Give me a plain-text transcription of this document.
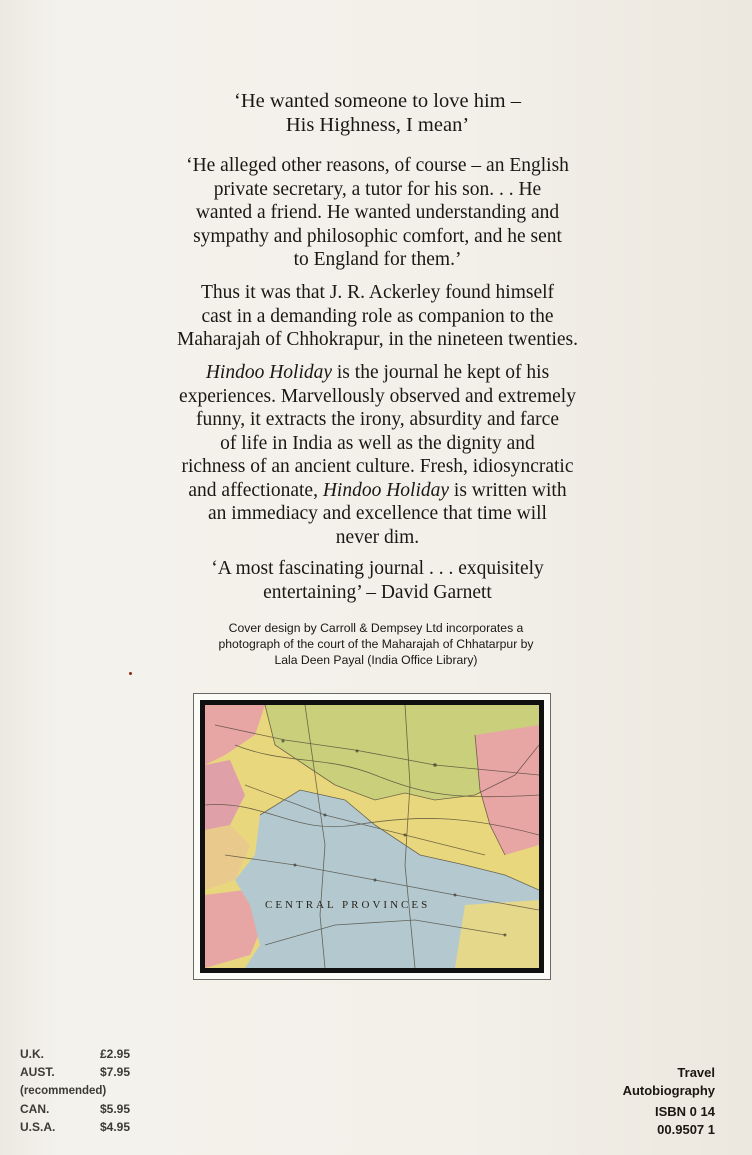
‘He wanted someone to love him –
His Highness, I mean’
‘He alleged other reasons, of course – an English
private secretary, a tutor for his son. . . He
wanted a friend. He wanted understanding and
sympathy and philosophic comfort, and he sent
to England for them.’
Thus it was that J. R. Ackerley found himself
cast in a demanding role as companion to the
Maharajah of Chhokrapur, in the nineteen twenties.
Hindoo Holiday is the journal he kept of his
experiences. Marvellously observed and extremely
funny, it extracts the irony, absurdity and farce
of life in India as well as the dignity and
richness of an ancient culture. Fresh, idiosyncratic
and affectionate, Hindoo Holiday is written with
an immediacy and excellence that time will
never dim.
‘A most fascinating journal . . . exquisitely
entertaining’ – David Garnett
Cover design by Carroll & Dempsey Ltd incorporates a
photograph of the court of the Maharajah of Chhatarpur by
Lala Deen Payal (India Office Library)
CENTRAL PROVINCES
U.K.	£2.95
AUST.	$7.95
(recommended)
CAN.	$5.95
U.S.A.	$4.95
Travel
Autobiography
ISBN 0 14
00.9507 1
